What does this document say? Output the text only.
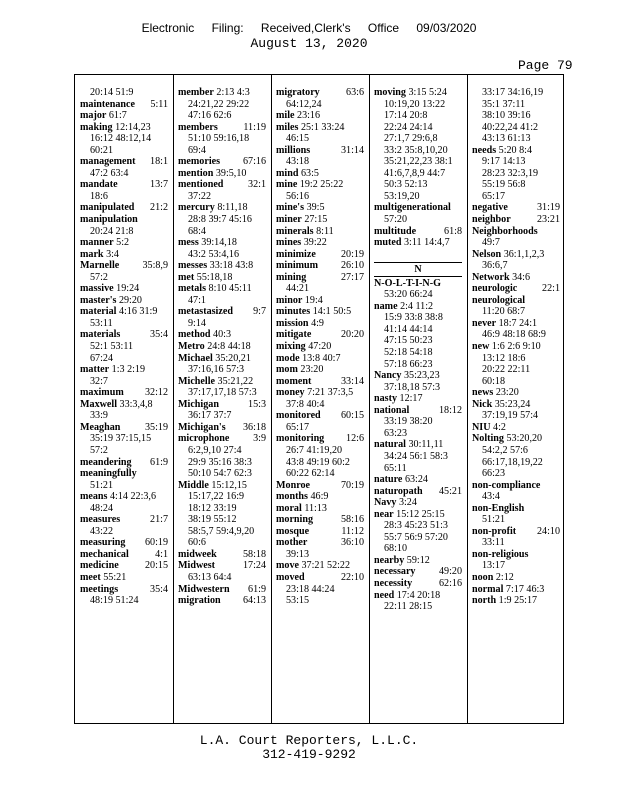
Electronic Filing: Received,Clerk's Office 09/03/2020
August 13, 2020
Page 79
20:14 51:9
maintenance 5:11
major 61:7
making 12:14,23
16:12 48:12,14
60:21
management 18:1
47:2 63:4
mandate	13:7
18:6
manipulated 21:2
manipulation
20:24 21:8
manner 5:2
mark 3:4
Marnelle 35:8,9
57:2
massive 19:24
master's 29:20
material 4:16 31:9
53:11
materials	35:4
52:1 53:11
67:24
matter 1:3 2:19
32:7
maximum 32:12
Maxwell 33:3,4,8
33:9
Meaghan 35:19
35:19 37:15,15
57:2
meandering 61:9
meaningfully
51:21
means 4:14 22:3,6
48:24
measures	21:7
43:22
measuring 60:19
mechanical	4:1
medicine	20:15
meet 55:21
meetings	35:4
48:19 51:24
member 2:13 4:3
24:21,22 29:22
47:16 62:6
members	11:19
51:10 59:16,18
69:4
memories 67:16
mention 39:5,10
mentioned 32:1
37:22
mercury 8:11,18
28:8 39:7 45:16
68:4
mess 39:14,18
43:2 53:4,16
messes 33:18 43:8
met 55:18,18
metals 8:10 45:11
47:1
metastasized 9:7
9:14
method 40:3
Metro 24:8 44:18
Michael 35:20,21
37:16,16 57:3
Michelle 35:21,22
37:17,17,18 57:3
Michigan	15:3
36:17 37:7
Michigan's 36:18
microphone 3:9
6:2,9,10 27:4
29:9 35:16 38:3
50:10 54:7 62:3
Middle 15:12,15
15:17,22 16:9
18:12 33:19
38:19 55:12
58:5,7 59:4,9,20
60:6
midweek	58:18
Midwest	17:24
63:13 64:4
Midwestern 61:9
migration 64:13
migratory	63:6
64:12,24
mile 23:16
miles 25:1 33:24
46:15
millions	31:14
43:18
mind 63:5
mine 19:2 25:22
56:16
mine's 39:5
miner 27:15
minerals 8:11
mines 39:22
minimize 20:19
minimum 26:10
mining	27:17
44:21
minor 19:4
minutes 14:1 50:5
mission 4:9
mitigate	20:20
mixing 47:20
mode 13:8 40:7
mom 23:20
moment	33:14
money 7:21 37:3,5
37:8 40:4
monitored 60:15
65:17
monitoring 12:6
26:7 41:19,20
43:8 49:19 60:2
60:22 62:14
Monroe	70:19
months 46:9
moral 11:13
morning	58:16
mosque	11:12
mother	36:10
39:13
move 37:21 52:22
moved	22:10
23:18 44:24
53:15
moving 3:15 5:24
10:19,20 13:22
17:14 20:8
22:24 24:14
27:1,7 29:6,8
33:2 35:8,10,20
35:21,22,23 38:1
41:6,7,8,9 44:7
50:3 52:13
53:19,20
multigenerational
57:20
multitude	61:8
muted 3:11 14:4,7
N
N-O-L-T-I-N-G
53:20 66:24
name 2:4 11:2
15:9 33:8 38:8
41:14 44:14
47:15 50:23
52:18 54:18
57:18 66:23
Nancy 35:23,23
37:18,18 57:3
nasty 12:17
national	18:12
33:19 38:20
63:23
natural 30:11,11
34:24 56:1 58:3
65:11
nature 63:24
naturopath 45:21
Navy 3:24
near 15:12 25:15
28:3 45:23 51:3
55:7 56:9 57:20
68:10
nearby 59:12
necessary 49:20
necessity	62:16
need 17:4 20:18
22:11 28:15
33:17 34:16,19
35:1 37:11
38:10 39:16
40:22,24 41:2
43:13 61:13
needs 5:20 8:4
9:17 14:13
28:23 32:3,19
55:19 56:8
65:17
negative	31:19
neighbor	23:21
Neighborhoods
49:7
Nelson 36:1,1,2,3
36:6,7
Network 34:6
neurologic 22:1
neurological
11:20 68:7
never 18:7 24:1
46:9 48:18 68:9
new 1:6 2:6 9:10
13:12 18:6
20:22 22:11
60:18
news 23:20
Nick 35:23,24
37:19,19 57:4
NIU 4:2
Nolting 53:20,20
54:2,2 57:6
66:17,18,19,22
66:23
non-compliance
43:4
non-English
51:21
non-profit 24:10
33:11
non-religious
13:17
noon 2:12
normal 7:17 46:3
north 1:9 25:17
L.A. Court Reporters, L.L.C.
312-419-9292
